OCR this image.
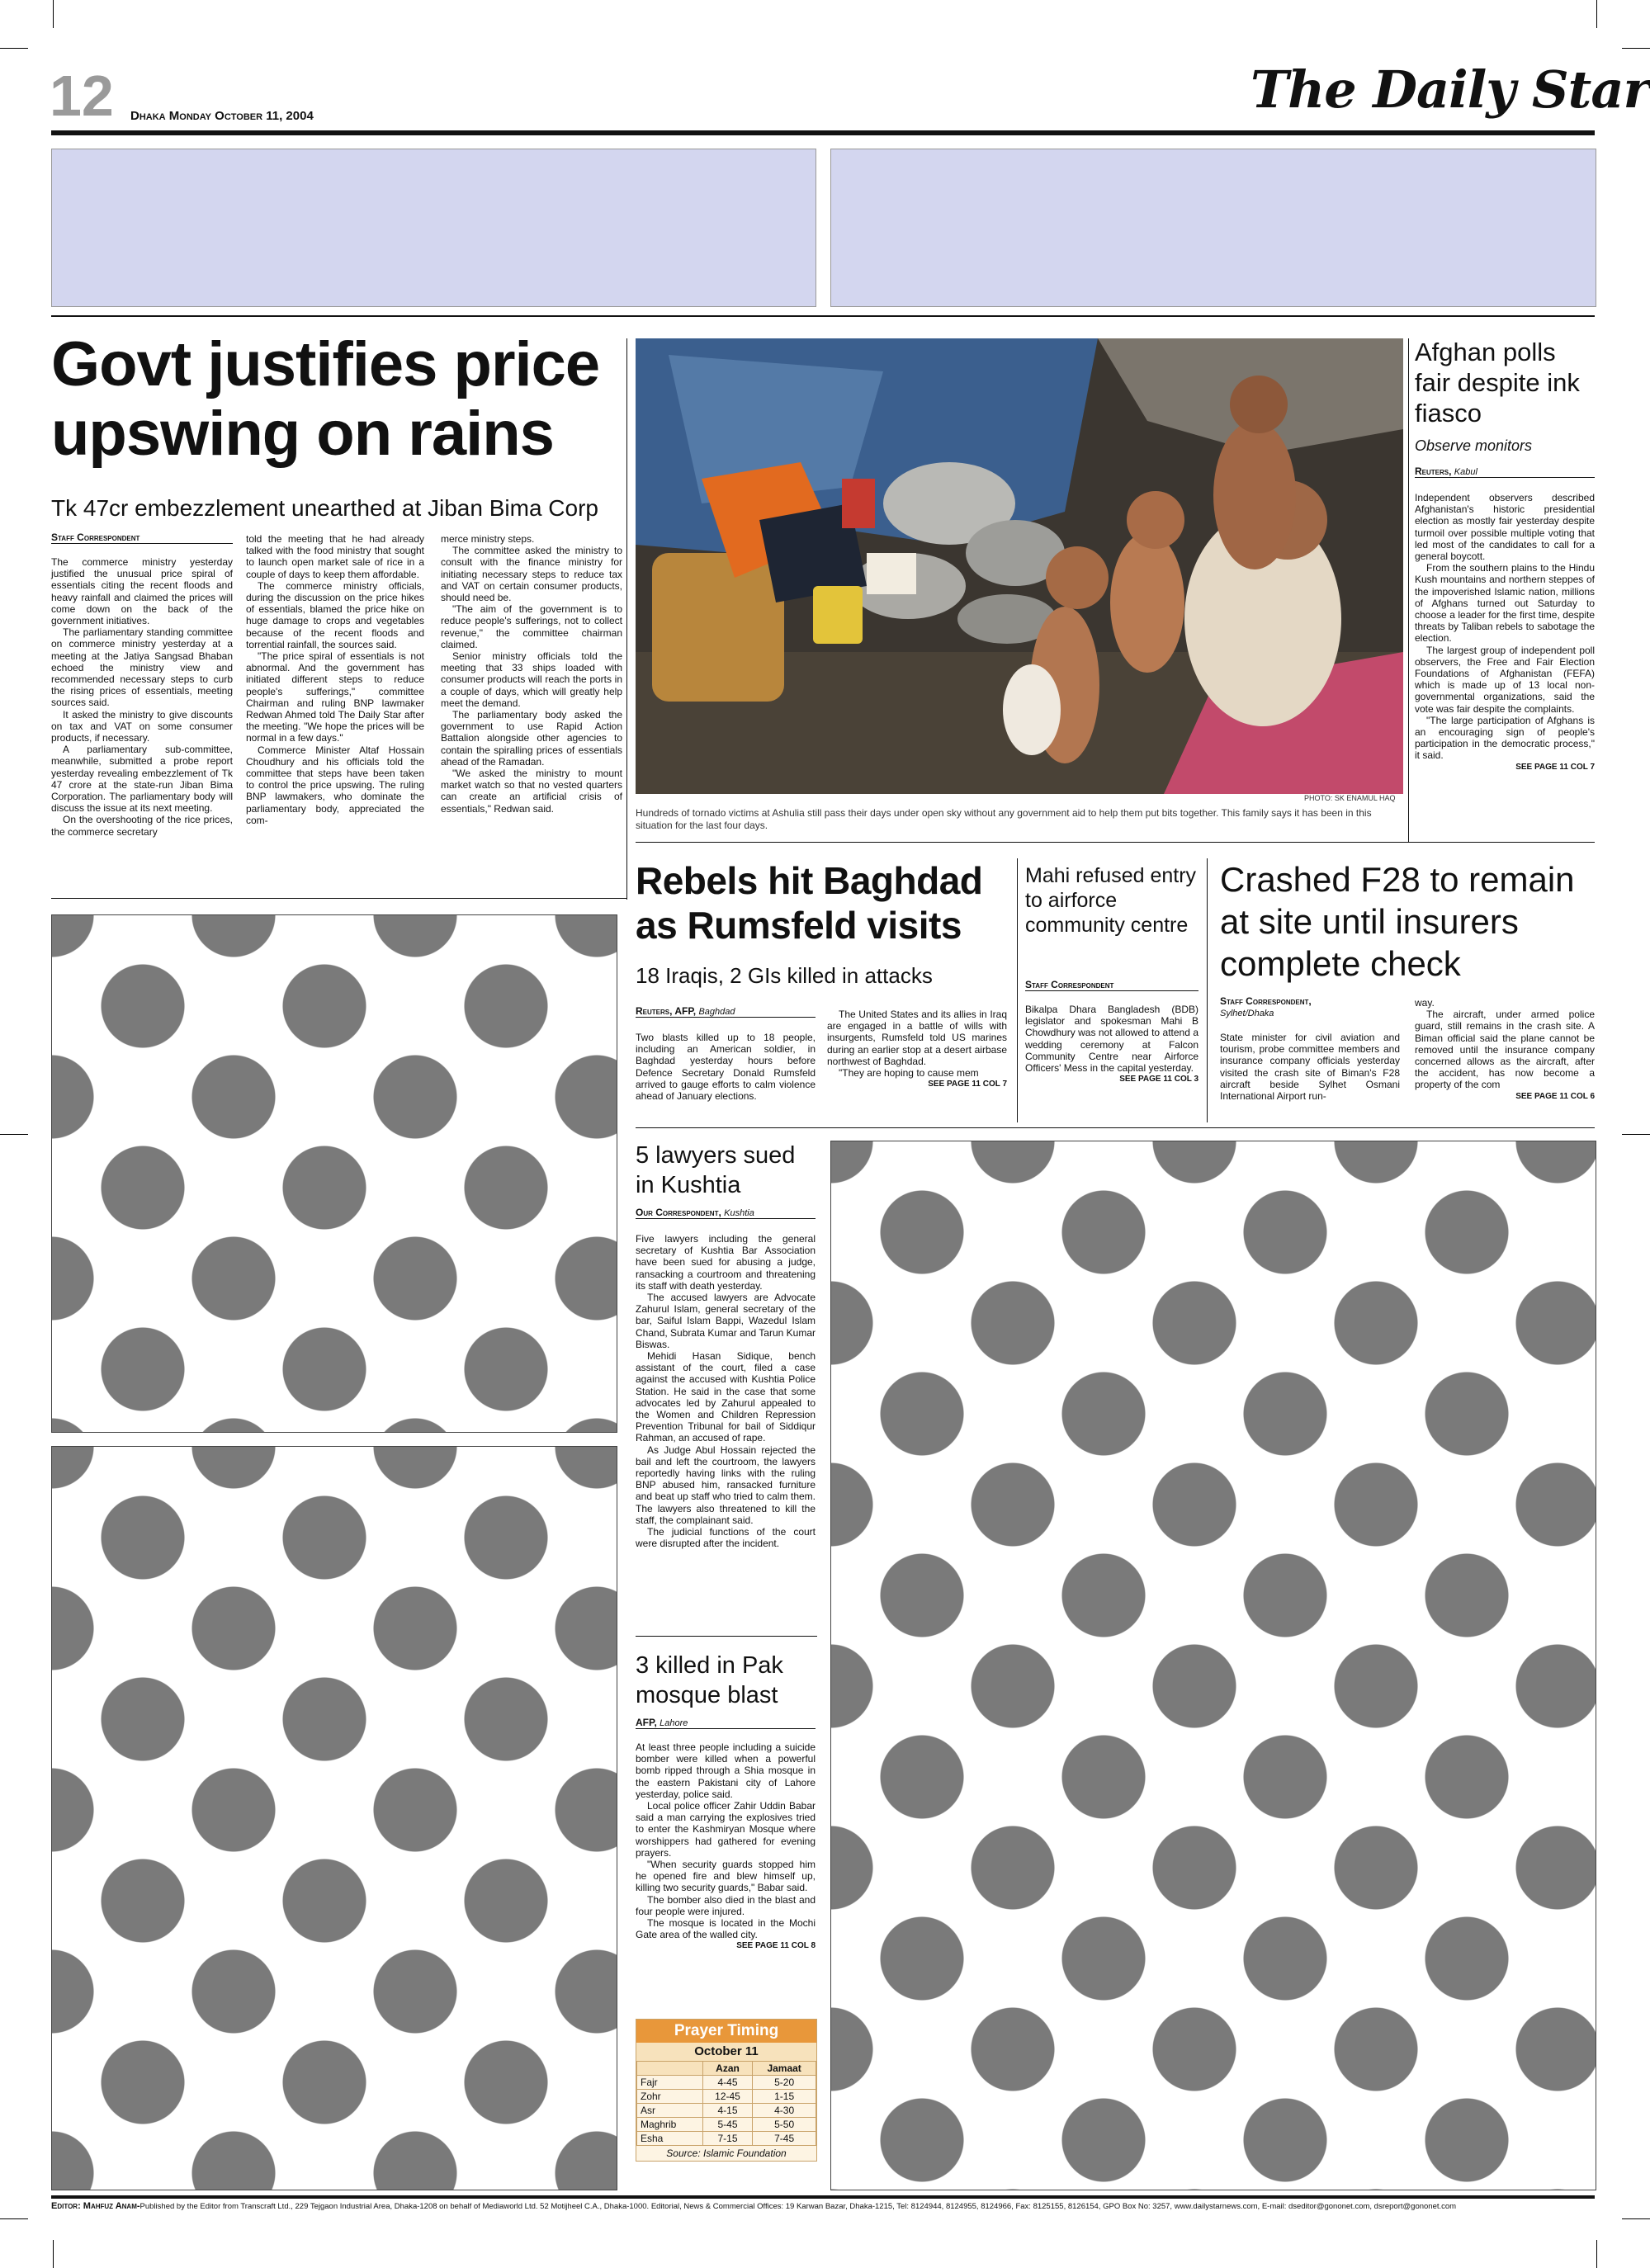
12 Dhaka Monday October 11, 2004	The Daily Star
Govt justifies price upswing on rains
Tk 47cr embezzlement unearthed at Jiban Bima Corp
Staff Correspondent

The commerce ministry yesterday justified the unusual price spiral of essentials citing the recent floods and heavy rainfall and claimed the prices will come down on the back of the government initiatives.

The parliamentary standing committee on commerce ministry yesterday at a meeting at the Jatiya Sangsad Bhaban echoed the ministry view and recommended necessary steps to curb the rising prices of essentials, meeting sources said.

It asked the ministry to give discounts on tax and VAT on some consumer products, if necessary.

A parliamentary sub-committee, meanwhile, submitted a probe report yesterday revealing embezzlement of Tk 47 crore at the state-run Jiban Bima Corporation. The parliamentary body will discuss the issue at its next meeting.

On the overshooting of the rice prices, the commerce secretary

told the meeting that he had already talked with the food ministry that sought to launch open market sale of rice in a couple of days to keep them affordable.

The commerce ministry officials, during the discussion on the price hikes of essentials, blamed the price hike on huge damage to crops and vegetables because of the recent floods and torrential rainfall, the sources said.

"The price spiral of essentials is not abnormal. And the government has initiated different steps to reduce people's sufferings," committee Chairman and ruling BNP lawmaker Redwan Ahmed told The Daily Star after the meeting. "We hope the prices will be normal in a few days."

Commerce Minister Altaf Hossain Choudhury and his officials told the committee that steps have been taken to control the price upswing. The ruling BNP lawmakers, who dominate the parliamentary body, appreciated the com-

merce ministry steps.

The committee asked the ministry to consult with the finance ministry for initiating necessary steps to reduce tax and VAT on certain consumer products, should need be.

"The aim of the government is to reduce people's sufferings, not to collect revenue," the committee chairman claimed.

Senior ministry officials told the meeting that 33 ships loaded with consumer products will reach the ports in a couple of days, which will greatly help meet the demand.

The parliamentary body asked the government to use Rapid Action Battalion alongside other agencies to contain the spiralling prices of essentials ahead of the Ramadan.

"We asked the ministry to mount market watch so that no vested quarters can create an artificial crisis of essentials," Redwan said.

PHOTO: SK ENAMUL HAQ
Hundreds of tornado victims at Ashulia still pass their days under open sky without any government aid to help them put bits together. This family says it has been in this situation for the last four days.
Afghan polls fair despite ink fiasco
Observe monitors
Reuters, Kabul

Independent observers described Afghanistan's historic presidential election as mostly fair yesterday despite turmoil over possible multiple voting that led most of the candidates to call for a general boycott.

From the southern plains to the Hindu Kush mountains and northern steppes of the impoverished Islamic nation, millions of Afghans turned out Saturday to choose a leader for the first time, despite threats by Taliban rebels to sabotage the election.

The largest group of independent poll observers, the Free and Fair Election Foundations of Afghanistan (FEFA) which is made up of 13 local non-governmental organizations, said the vote was fair despite the complaints.

"The large participation of Afghans is an encouraging sign of people's participation in the democratic process," it said.

SEE PAGE 11 COL 7
Rebels hit Baghdad as Rumsfeld visits
18 Iraqis, 2 GIs killed in attacks
Reuters, AFP, Baghdad

Two blasts killed up to 18 people, including an American soldier, in Baghdad yesterday hours before Defence Secretary Donald Rumsfeld arrived to gauge efforts to calm violence ahead of January elections.

The United States and its allies in Iraq are engaged in a battle of wills with insurgents, Rumsfeld told US marines during an earlier stop at a desert airbase northwest of Baghdad.

"They are hoping to cause mem

SEE PAGE 11 COL 7
Mahi refused entry to airforce community centre
Staff Correspondent

Bikalpa Dhara Bangladesh (BDB) legislator and spokesman Mahi B Chowdhury was not allowed to attend a wedding ceremony at Falcon Community Centre near Airforce Officers' Mess in the capital yesterday.

SEE PAGE 11 COL 3
Crashed F28 to remain at site until insurers complete check
Staff Correspondent,
Sylhet/Dhaka

State minister for civil aviation and tourism, probe committee members and insurance company officials yesterday visited the crash site of Biman's F28 aircraft beside Sylhet Osmani International Airport run-

way.

The aircraft, under armed police guard, still remains in the crash site. A Biman official said the plane cannot be removed until the insurance company concerned allows as the aircraft, after the accident, has now become a property of the com

SEE PAGE 11 COL 6
5 lawyers sued in Kushtia
Our Correspondent, Kushtia

Five lawyers including the general secretary of Kushtia Bar Association have been sued for abusing a judge, ransacking a courtroom and threatening its staff with death yesterday.

The accused lawyers are Advocate Zahurul Islam, general secretary of the bar, Saiful Islam Bappi, Wazedul Islam Chand, Subrata Kumar and Tarun Kumar Biswas.

Mehidi Hasan Sidique, bench assistant of the court, filed a case against the accused with Kushtia Police Station. He said in the case that some advocates led by Zahurul appealed to the Women and Children Repression Prevention Tribunal for bail of Siddiqur Rahman, an accused of rape.

As Judge Abul Hossain rejected the bail and left the courtroom, the lawyers reportedly having links with the ruling BNP abused him, ransacked furniture and beat up staff who tried to calm them. The lawyers also threatened to kill the staff, the complainant said.

The judicial functions of the court were disrupted after the incident.

3 killed in Pak mosque blast
AFP, Lahore

At least three people including a suicide bomber were killed when a powerful bomb ripped through a Shia mosque in the eastern Pakistani city of Lahore yesterday, police said.

Local police officer Zahir Uddin Babar said a man carrying the explosives tried to enter the Kashmiryan Mosque where worshippers had gathered for evening prayers.

"When security guards stopped him he opened fire and blew himself up, killing two security guards," Babar said.

The bomber also died in the blast and four people were injured.

The mosque is located in the Mochi Gate area of the walled city.

SEE PAGE 11 COL 8
Prayer Timing
October 11
	Azan	Jamaat
Fajr	4-45	5-20
Zohr	12-45	1-15
Asr	4-15	4-30
Maghrib	5-45	5-50
Esha	7-15	7-45
Source: Islamic Foundation
Editor: Mahfuz Anam-Published by the Editor from Transcraft Ltd., 229 Tejgaon Industrial Area, Dhaka-1208 on behalf of Mediaworld Ltd. 52 Motijheel C.A., Dhaka-1000. Editorial, News & Commercial Offices: 19 Karwan Bazar, Dhaka-1215, Tel: 8124944, 8124955, 8124966, Fax: 8125155, 8126154, GPO Box No: 3257, www.dailystarnews.com, E-mail: dseditor@gononet.com, dsreport@gononet.com
